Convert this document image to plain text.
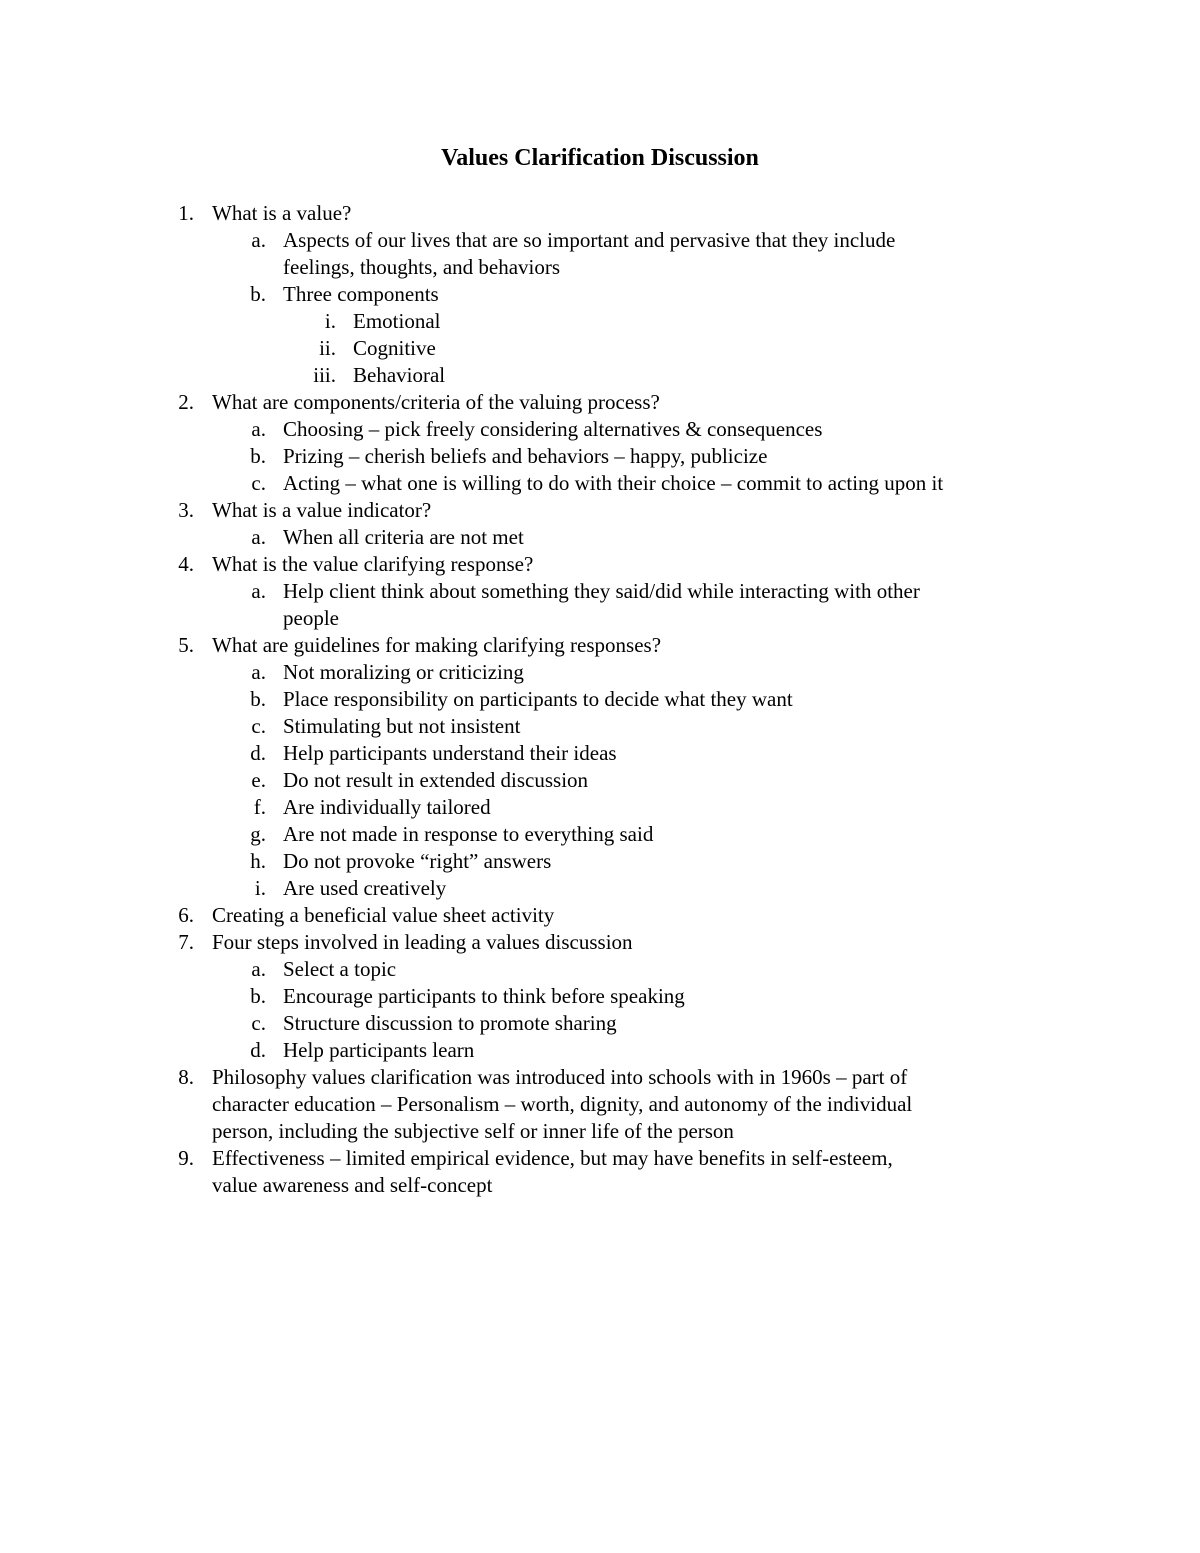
Values Clarification Discussion
1. What is a value?
a. Aspects of our lives that are so important and pervasive that they include
feelings, thoughts, and behaviors
b. Three components
i. Emotional
ii. Cognitive
iii. Behavioral
2. What are components/criteria of the valuing process?
a. Choosing – pick freely considering alternatives & consequences
b. Prizing – cherish beliefs and behaviors – happy, publicize
c. Acting – what one is willing to do with their choice – commit to acting upon it
3. What is a value indicator?
a. When all criteria are not met
4. What is the value clarifying response?
a. Help client think about something they said/did while interacting with other
people
5. What are guidelines for making clarifying responses?
a. Not moralizing or criticizing
b. Place responsibility on participants to decide what they want
c. Stimulating but not insistent
d. Help participants understand their ideas
e. Do not result in extended discussion
f. Are individually tailored
g. Are not made in response to everything said
h. Do not provoke “right” answers
i. Are used creatively
6. Creating a beneficial value sheet activity
7. Four steps involved in leading a values discussion
a. Select a topic
b. Encourage participants to think before speaking
c. Structure discussion to promote sharing
d. Help participants learn
8. Philosophy values clarification was introduced into schools with in 1960s – part of
character education – Personalism – worth, dignity, and autonomy of the individual
person, including the subjective self or inner life of the person
9. Effectiveness – limited empirical evidence, but may have benefits in self-esteem,
value awareness and self-concept
